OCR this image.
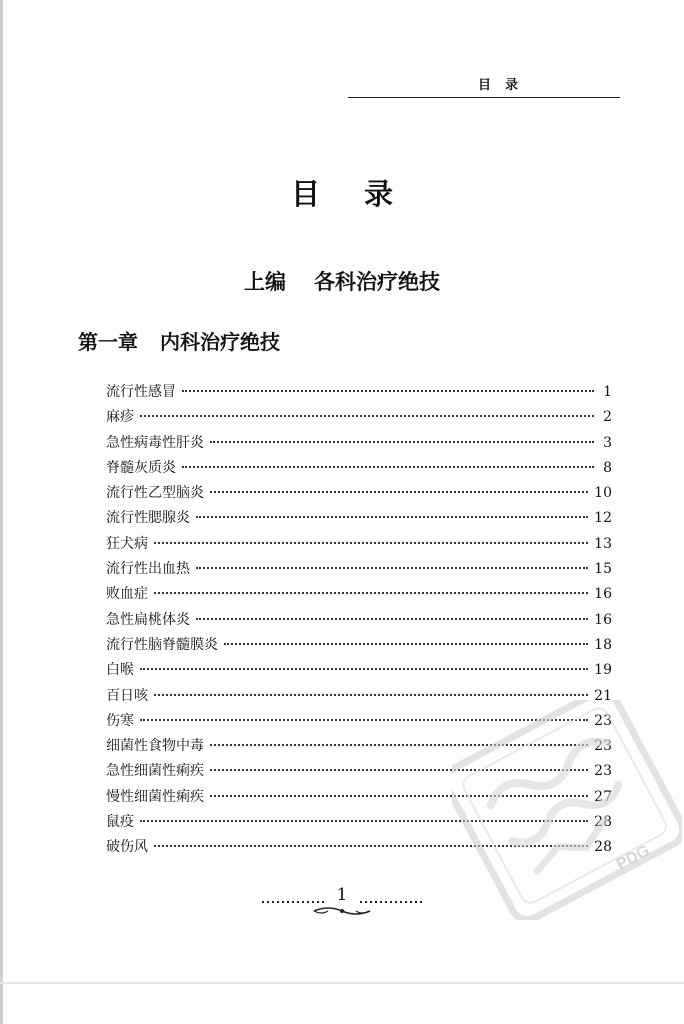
目录
目录
上编 各科治疗绝技
第一章 内科治疗绝技
流行性感冒	1
麻疹	2
急性病毒性肝炎	3
脊髓灰质炎	8
流行性乙型脑炎	10
流行性腮腺炎	12
狂犬病	13
流行性出血热	15
败血症	16
急性扁桃体炎	16
流行性脑脊髓膜炎	18
白喉	19
百日咳	21
伤寒	23
细菌性食物中毒	23
急性细菌性痢疾	23
慢性细菌性痢疾	27
鼠疫	28
破伤风	28
1
PDG
